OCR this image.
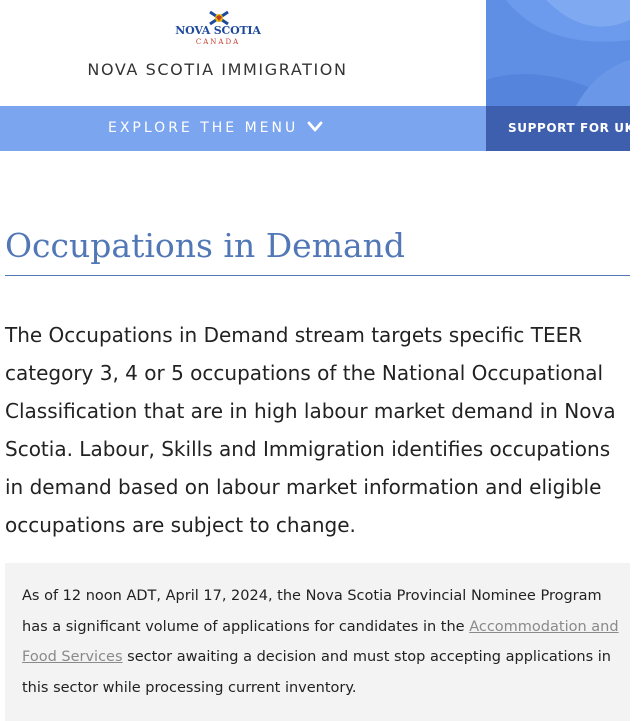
NOVA SCOTIA
CANADA
NOVA SCOTIA IMMIGRATION
EXPLORE THE MENU	SUPPORT FOR UKR
Occupations in Demand

The Occupations in Demand stream targets specific TEER category 3, 4 or 5 occupations of the National Occupational Classification that are in high labour market demand in Nova Scotia. Labour, Skills and Immigration identifies occupations in demand based on labour market information and eligible occupations are subject to change.

As of 12 noon ADT, April 17, 2024, the Nova Scotia Provincial Nominee Program has a significant volume of applications for candidates in the Accommodation and Food Services sector awaiting a decision and must stop accepting applications in this sector while processing current inventory.
